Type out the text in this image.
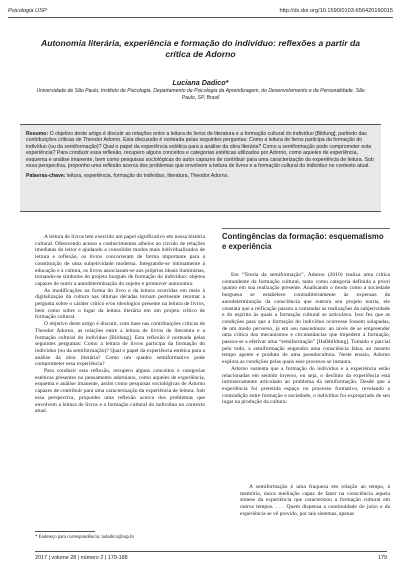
Psicologia USP	http://dx.doi.org/10.1590/0103-656420160015
Autonomia literária, experiência e formação do indivíduo: reflexões a partir da crítica de Adorno
Luciana Dadico*
Universidade de São Paulo, Instituto de Psicologia, Departamento de Psicologia da Aprendizagem, do Desenvolvimento e da Personalidade. São Paulo, SP, Brasil

Resumo: O objetivo deste artigo é discutir as relações entre a leitura de livros de literatura e a formação cultural do indivíduo [Bildung], partindo das contribuições críticas de Theodor Adorno. Esta discussão é norteada pelas seguintes perguntas: Como a leitura de livros participa da formação do indivíduo (ou da semiformação)? Qual o papel da experiência estética para a análise da obra literária? Como a semiformação pode comprometer esta experiência? Para conduzir essa reflexão, recupero alguns conceitos e categorias estéticas utilizados por Adorno, como aqueles de experiência, esquema e análise imanente, bem como pesquisas sociológicas do autor capazes de contribuir para uma caracterização da experiência de leitura. Sob essa perspectiva, proponho uma reflexão acerca dos problemas que envolvem a leitura de livros e a formação cultural do indivíduo no contexto atual.

Palavras-chave: leitura, experiência, formação do indivíduo, literatura, Theodor Adorno.

A leitura de livros tem exercido um papel significativo em nossa história cultural. Oferecendo acesso a conhecimentos alheios ao círculo de relações imediatas do leitor e ajudando a consolidar modos mais individualizados de leitura e reflexão, os livros concorreram de forma importante para a constituição de uma subjetividade moderna. Integrando-se intimamente à educação e à cultura, os livros associaram-se aos próprios ideais iluministas, tornando-se símbolos do projeto burguês de formação do indivíduo: objetos capazes de nutrir a autodeterminação do sujeito e promover autonomia.

As modificações na forma do livro e da leitura ocorridas em meio à digitalização da cultura nas últimas décadas tornam pertinente retomar a pergunta sobre o caráter crítico e/ou ideológico presente na leitura de livros, bem como sobre o lugar da leitura literária em um projeto crítico de formação cultural.

O objetivo deste artigo é discutir, com base nas contribuições críticas de Theodor Adorno, as relações entre a leitura de livros de literatura e a formação cultural do indivíduo [Bildung]. Esta reflexão é norteada pelas seguintes perguntas: Como a leitura de livros participa da formação do indivíduo (ou da semiformação)? Qual o papel da experiência estética para a análise da obra literária? Como um quadro semiformativo pode comprometer essa experiência?

Para conduzir esta reflexão, recupero alguns conceitos e categorias estéticas presentes no pensamento adorniano, como aqueles de experiência, esquema e análise imanente, assim como pesquisas sociológicas de Adorno capazes de contribuir para uma caracterização da experiência de leitura. Sob essa perspectiva, proponho uma reflexão acerca dos problemas que envolvem a leitura de livros e a formação cultural do indivíduo no contexto atual.

Contingências da formação: esquematismo e experiência

Em “Teoria da semiformação”, Adorno (2010) realiza uma crítica contundente da formação cultural, tanto como categoria definida a priori quanto em sua realização presente. Analisando o modo como a sociedade burguesa se estabelece contraditoriamente às expensas da autodeterminação da consciência que outrora seu projeto nutria, ele constata que a reificação passou a comandar as realizações da subjetividade e do espírito às quais a formação cultural se articulava. Isso fez que as condições para que a formação do indivíduo ocorresse fossem solapadas, de um modo perverso, já em seu nascedouro: ao invés de se empreender uma crítica dos mecanismos e circunstâncias que impedem a formação, passou-se a efetivar uma “semiformação” [Halbbildung]. Tomado o parcial pelo todo, a semiformação engendra uma consciência falsa, ao mesmo tempo agente e produto de uma pseudocultura. Neste ensaio, Adorno explora as condições pelas quais esse processo se instaura.

Adorno sustenta que a formação do indivíduo e a experiência estão relacionadas em sentido inverso, ou seja, o declínio da experiência está intrinsecamente articulado ao problema da semiformação. Desde que a experiência foi preterida espaço no processo formativo, revelando a contradição entre formação e sociedade, o indivíduo foi expropriado de seu lugar na produção da cultura:

A semiformação é uma fraqueza em relação ao tempo, à memória, única mediação capaz de fazer na consciência aquela síntese da experiência que caracterizou a formação cultural em outros tempos. . . . Quem dispensa a continuidade do juízo e da experiência se vê provido, por tais sistemas, apenas

* Endereço para correspondência: ludadico@usp.br
2017 | volume 28 | número 2 | 179-188	179
